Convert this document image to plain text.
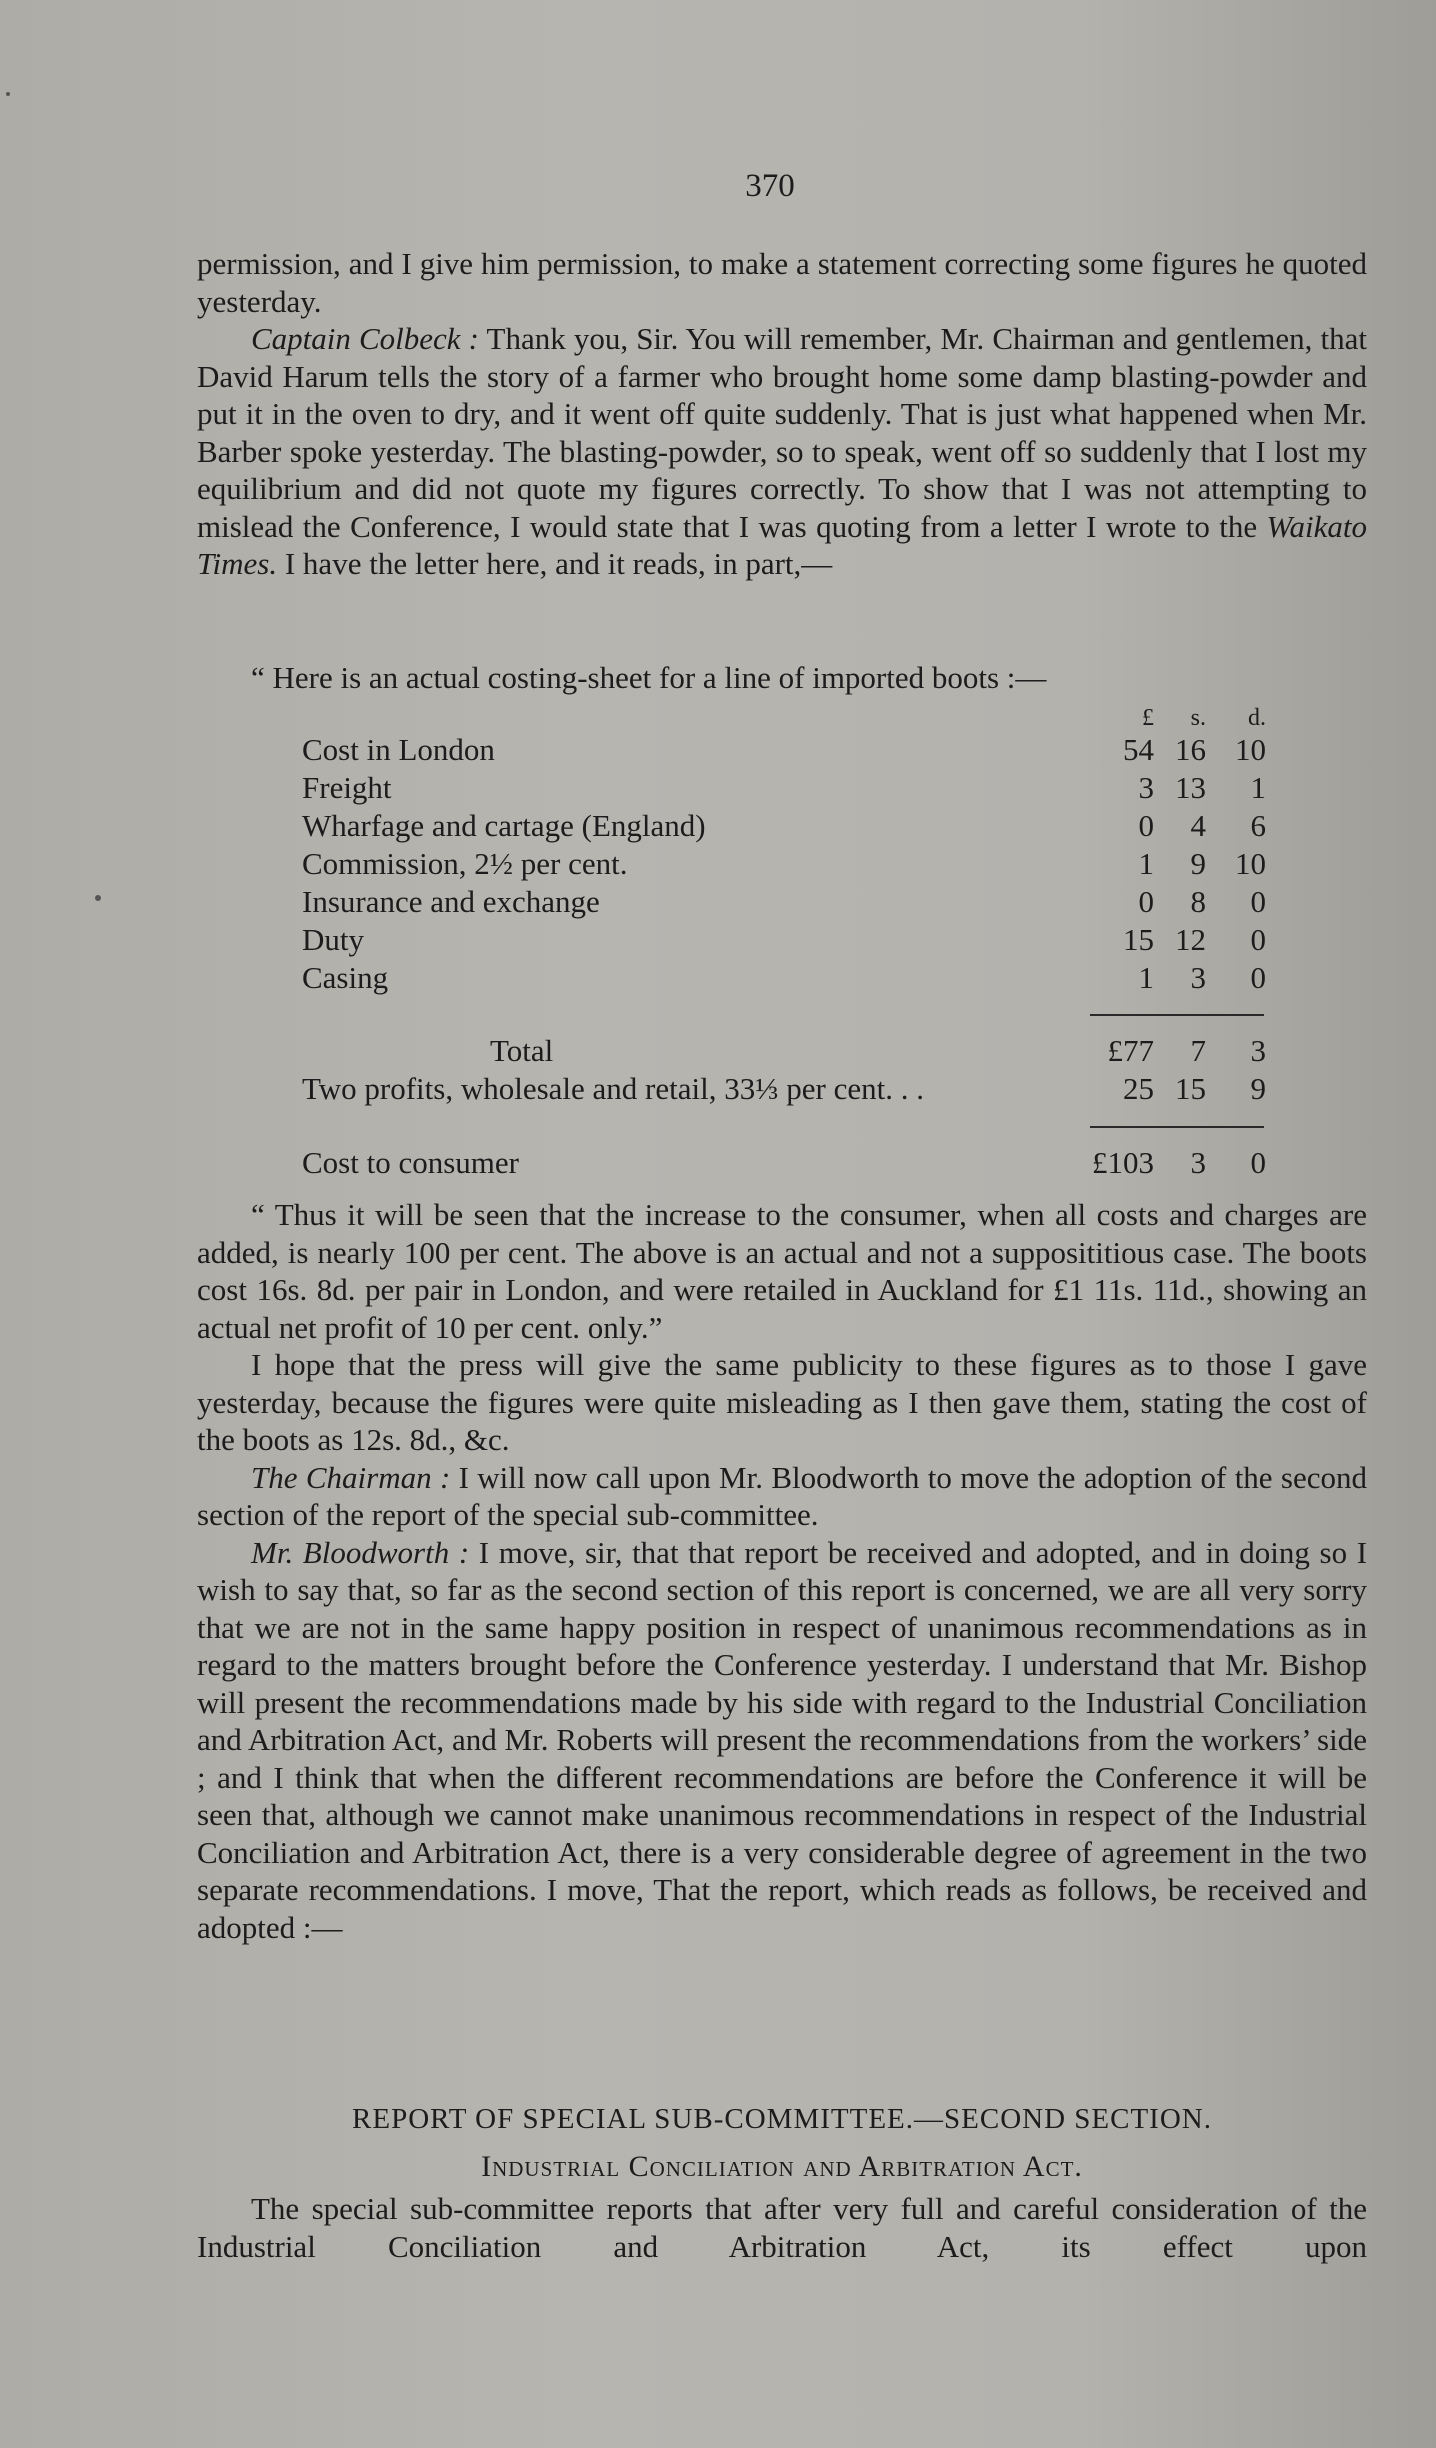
370

permission, and I give him permission, to make a statement correcting some figures he quoted yesterday.

Captain Colbeck : Thank you, Sir. You will remember, Mr. Chairman and gentlemen, that David Harum tells the story of a farmer who brought home some damp blasting-powder and put it in the oven to dry, and it went off quite suddenly. That is just what happened when Mr. Barber spoke yesterday. The blasting-powder, so to speak, went off so suddenly that I lost my equilibrium and did not quote my figures correctly. To show that I was not attempting to mislead the Conference, I would state that I was quoting from a letter I wrote to the Waikato Times. I have the letter here, and it reads, in part,—

“ Here is an actual costing-sheet for a line of imported boots :—

£	s.	d.
Cost in London	54 16 10
Freight	3 13	1
Wharfage and cartage (England)	0	4	6
Commission, 2½ per cent.	1	9 10
Insurance and exchange	0	8	0
Duty	15 12	0
Casing	1	3	0
Total	£77	7	3
Two profits, wholesale and retail, 33⅓ per cent. . .	25 15	9
Cost to consumer	£103	3	0

“ Thus it will be seen that the increase to the consumer, when all costs and charges are added, is nearly 100 per cent. The above is an actual and not a supposititious case. The boots cost 16s. 8d. per pair in London, and were retailed in Auckland for £1 11s. 11d., showing an actual net profit of 10 per cent. only.”

I hope that the press will give the same publicity to these figures as to those I gave yesterday, because the figures were quite misleading as I then gave them, stating the cost of the boots as 12s. 8d., &c.

The Chairman : I will now call upon Mr. Bloodworth to move the adoption of the second section of the report of the special sub-committee.

Mr. Bloodworth : I move, sir, that that report be received and adopted, and in doing so I wish to say that, so far as the second section of this report is concerned, we are all very sorry that we are not in the same happy position in respect of unanimous recommendations as in regard to the matters brought before the Conference yesterday. I understand that Mr. Bishop will present the recommendations made by his side with regard to the Industrial Conciliation and Arbitration Act, and Mr. Roberts will present the recommendations from the workers’ side ; and I think that when the different recommendations are before the Conference it will be seen that, although we cannot make unanimous recommendations in respect of the Industrial Conciliation and Arbitration Act, there is a very considerable degree of agreement in the two separate recommendations. I move, That the report, which reads as follows, be received and adopted :—

REPORT OF SPECIAL SUB-COMMITTEE.—SECOND SECTION.
Industrial Conciliation and Arbitration Act.

The special sub-committee reports that after very full and careful consideration of the Industrial Conciliation and Arbitration Act, its effect upon
